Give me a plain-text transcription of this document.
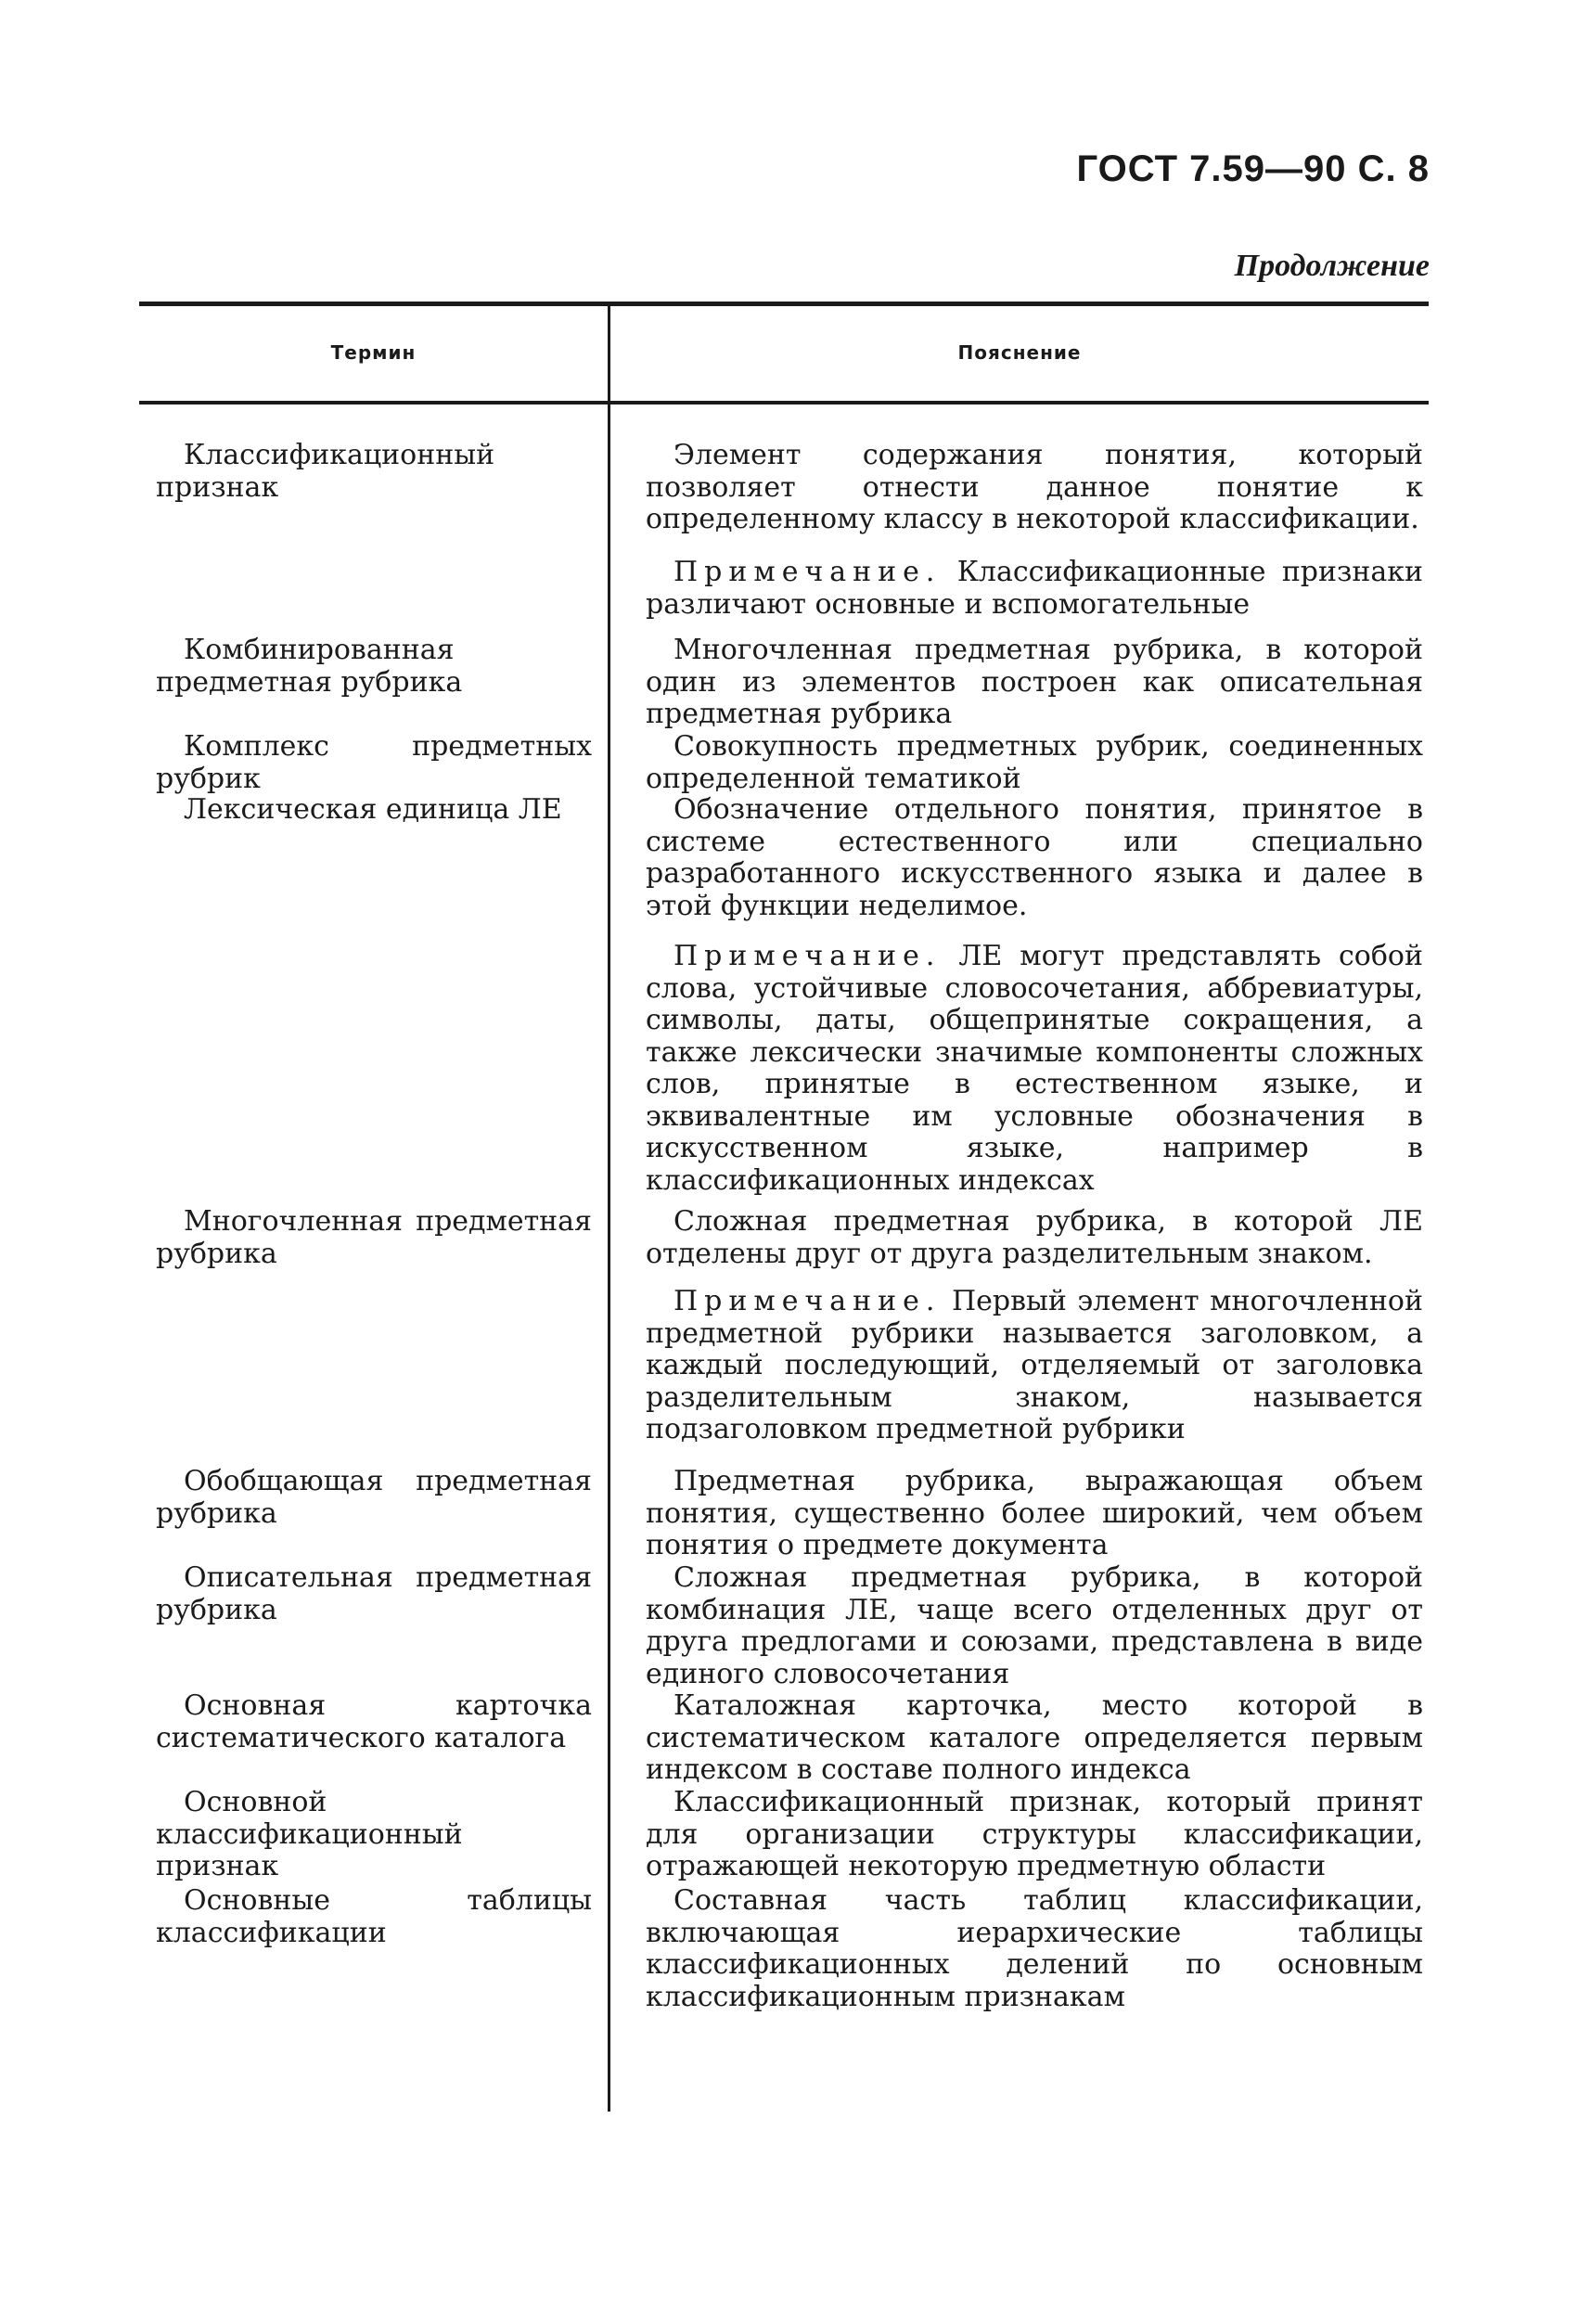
ГОСТ 7.59—90 С. 8
Продолжение
Термин	Пояснение
Классификационный признак
Элемент содержания понятия, который позволяет отнести данное понятие к определенному классу в некоторой классификации.
Примечание. Классификационные признаки различают основные и вспомогательные
Комбинированная предметная рубрика
Многочленная предметная рубрика, в которой один из элементов построен как описательная предметная рубрика
Комплекс предметных рубрик
Совокупность предметных рубрик, соединенных определенной тематикой
Лексическая единица ЛЕ	Обозначение отдельного понятия, принятое в системе естественного или специально разработанного искусственного языка и далее в этой функции неделимое.
Примечание. ЛЕ могут представлять собой слова, устойчивые словосочетания, аббревиатуры, символы, даты, общепринятые сокращения, а также лексически значимые компоненты сложных слов, принятые в естественном языке, и эквивалентные им условные обозначения в искусственном языке, например в классификационных индексах
Многочленная предметная рубрика
Сложная предметная рубрика, в которой ЛЕ отделены друг от друга разделительным знаком.
Примечание. Первый элемент многочленной предметной рубрики называется заголовком, а каждый последующий, отделяемый от заголовка разделительным знаком, называется подзаголовком предметной рубрики
Обобщающая предметная рубрика
Предметная рубрика, выражающая объем понятия, существенно более широкий, чем объем понятия о предмете документа
Описательная предметная рубрика
Сложная предметная рубрика, в которой комбинация ЛЕ, чаще всего отделенных друг от друга предлогами и союзами, представлена в виде единого словосочетания
Основная карточка систематического каталога
Каталожная карточка, место которой в систематическом каталоге определяется первым индексом в составе полного индекса
Основной классификационный признак
Классификационный признак, который принят для организации структуры классификации, отражающей некоторую предметную области
Основные таблицы классификации
Составная часть таблиц классификации, включающая иерархические таблицы классификационных делений по основным классификационным признакам
